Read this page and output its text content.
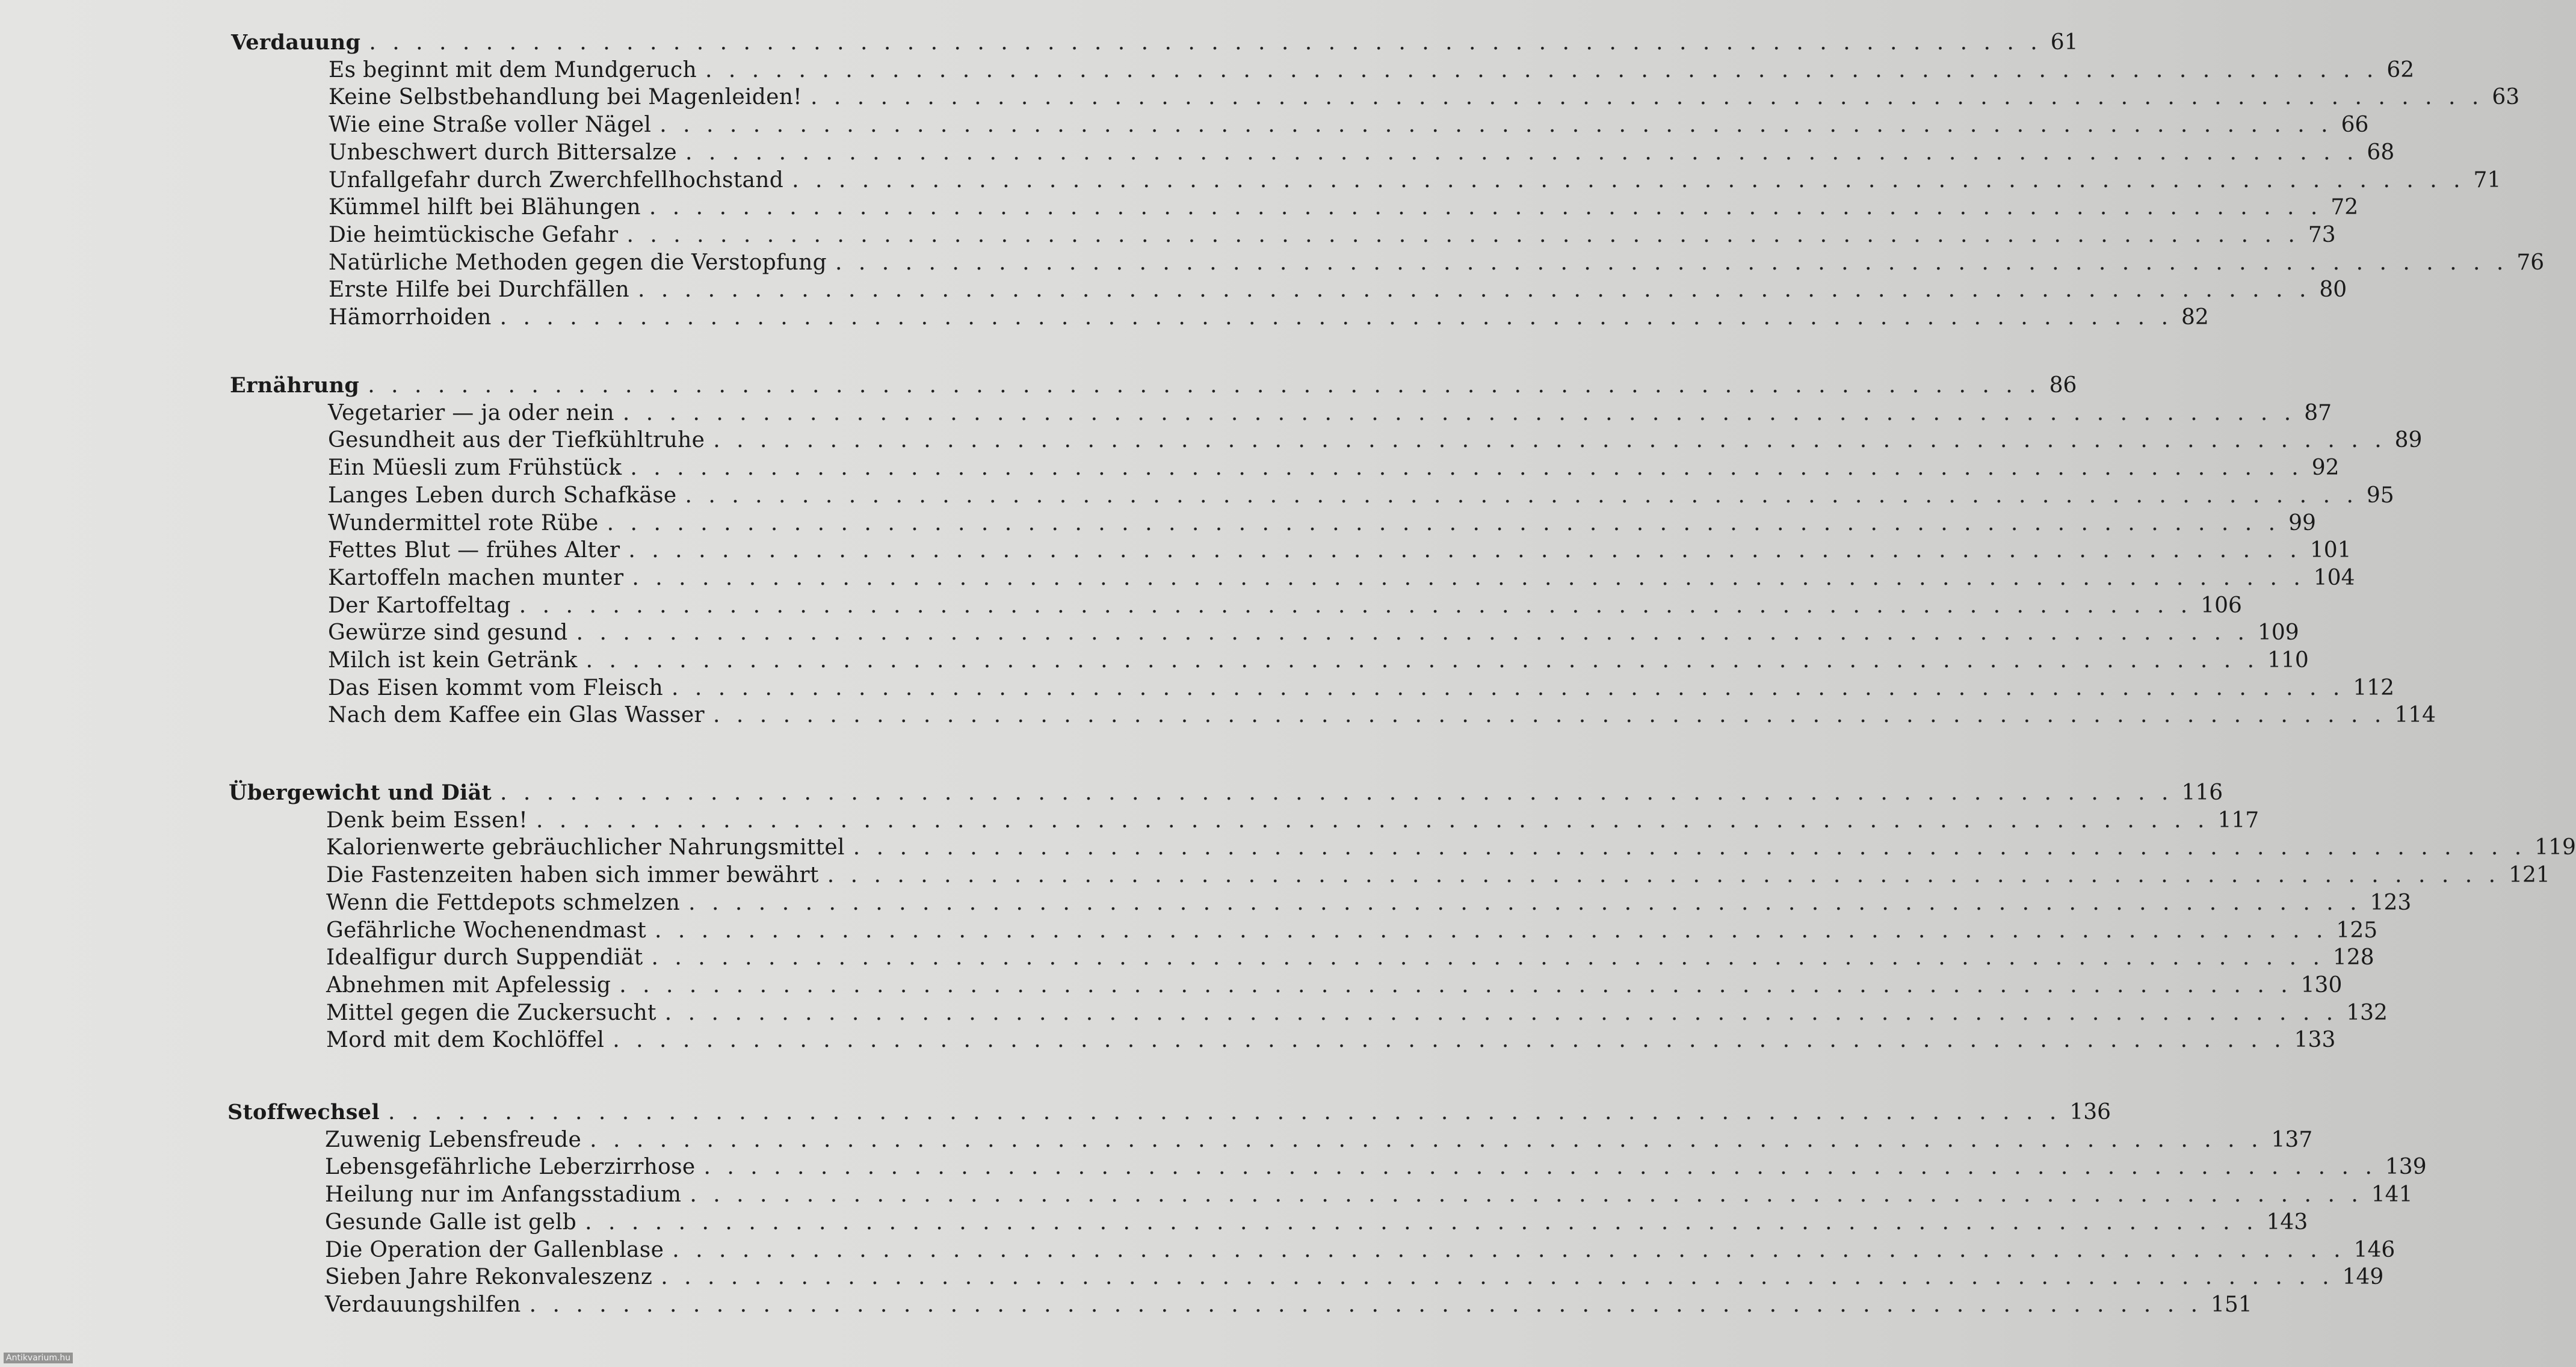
Verdauung . . . . . . . . . . . . . . . . . . . . . . . . . . . . . . . . . . . . . . . . . . . . . . . . . . . . . . . . . . . . . . . . . . . . . . . . 61
Es beginnt mit dem Mundgeruch . . . . . . . . . . . . . . . . . . . . . . . . . . . . . . . . . . . . . . . . . . . . . . . . . . . . . . . . . . . . . . . . . . . . . . . . 62
Keine Selbstbehandlung bei Magenleiden! . . . . . . . . . . . . . . . . . . . . . . . . . . . . . . . . . . . . . . . . . . . . . . . . . . . . . . . . . . . . . . . . . . . . . . . . 63
Wie eine Straße voller Nägel . . . . . . . . . . . . . . . . . . . . . . . . . . . . . . . . . . . . . . . . . . . . . . . . . . . . . . . . . . . . . . . . . . . . . . . . 66
Unbeschwert durch Bittersalze . . . . . . . . . . . . . . . . . . . . . . . . . . . . . . . . . . . . . . . . . . . . . . . . . . . . . . . . . . . . . . . . . . . . . . . . 68
Unfallgefahr durch Zwerchfellhochstand . . . . . . . . . . . . . . . . . . . . . . . . . . . . . . . . . . . . . . . . . . . . . . . . . . . . . . . . . . . . . . . . . . . . . . . . 71
Kümmel hilft bei Blähungen . . . . . . . . . . . . . . . . . . . . . . . . . . . . . . . . . . . . . . . . . . . . . . . . . . . . . . . . . . . . . . . . . . . . . . . . 72
Die heimtückische Gefahr . . . . . . . . . . . . . . . . . . . . . . . . . . . . . . . . . . . . . . . . . . . . . . . . . . . . . . . . . . . . . . . . . . . . . . . . 73
Natürliche Methoden gegen die Verstopfung . . . . . . . . . . . . . . . . . . . . . . . . . . . . . . . . . . . . . . . . . . . . . . . . . . . . . . . . . . . . . . . . . . . . . . . . 76
Erste Hilfe bei Durchfällen . . . . . . . . . . . . . . . . . . . . . . . . . . . . . . . . . . . . . . . . . . . . . . . . . . . . . . . . . . . . . . . . . . . . . . . . 80
Hämorrhoiden . . . . . . . . . . . . . . . . . . . . . . . . . . . . . . . . . . . . . . . . . . . . . . . . . . . . . . . . . . . . . . . . . . . . . . . . 82
Ernährung . . . . . . . . . . . . . . . . . . . . . . . . . . . . . . . . . . . . . . . . . . . . . . . . . . . . . . . . . . . . . . . . . . . . . . . . 86
Vegetarier — ja oder nein . . . . . . . . . . . . . . . . . . . . . . . . . . . . . . . . . . . . . . . . . . . . . . . . . . . . . . . . . . . . . . . . . . . . . . . . 87
Gesundheit aus der Tiefkühltruhe . . . . . . . . . . . . . . . . . . . . . . . . . . . . . . . . . . . . . . . . . . . . . . . . . . . . . . . . . . . . . . . . . . . . . . . . 89
Ein Müesli zum Frühstück . . . . . . . . . . . . . . . . . . . . . . . . . . . . . . . . . . . . . . . . . . . . . . . . . . . . . . . . . . . . . . . . . . . . . . . . 92
Langes Leben durch Schafkäse . . . . . . . . . . . . . . . . . . . . . . . . . . . . . . . . . . . . . . . . . . . . . . . . . . . . . . . . . . . . . . . . . . . . . . . . 95
Wundermittel rote Rübe . . . . . . . . . . . . . . . . . . . . . . . . . . . . . . . . . . . . . . . . . . . . . . . . . . . . . . . . . . . . . . . . . . . . . . . . 99
Fettes Blut — frühes Alter . . . . . . . . . . . . . . . . . . . . . . . . . . . . . . . . . . . . . . . . . . . . . . . . . . . . . . . . . . . . . . . . . . . . . . . . 101
Kartoffeln machen munter . . . . . . . . . . . . . . . . . . . . . . . . . . . . . . . . . . . . . . . . . . . . . . . . . . . . . . . . . . . . . . . . . . . . . . . . 104
Der Kartoffeltag . . . . . . . . . . . . . . . . . . . . . . . . . . . . . . . . . . . . . . . . . . . . . . . . . . . . . . . . . . . . . . . . . . . . . . . . 106
Gewürze sind gesund . . . . . . . . . . . . . . . . . . . . . . . . . . . . . . . . . . . . . . . . . . . . . . . . . . . . . . . . . . . . . . . . . . . . . . . . 109
Milch ist kein Getränk . . . . . . . . . . . . . . . . . . . . . . . . . . . . . . . . . . . . . . . . . . . . . . . . . . . . . . . . . . . . . . . . . . . . . . . . 110
Das Eisen kommt vom Fleisch . . . . . . . . . . . . . . . . . . . . . . . . . . . . . . . . . . . . . . . . . . . . . . . . . . . . . . . . . . . . . . . . . . . . . . . . 112
Nach dem Kaffee ein Glas Wasser . . . . . . . . . . . . . . . . . . . . . . . . . . . . . . . . . . . . . . . . . . . . . . . . . . . . . . . . . . . . . . . . . . . . . . . . 114
Übergewicht und Diät . . . . . . . . . . . . . . . . . . . . . . . . . . . . . . . . . . . . . . . . . . . . . . . . . . . . . . . . . . . . . . . . . . . . . . . . 116
Denk beim Essen! . . . . . . . . . . . . . . . . . . . . . . . . . . . . . . . . . . . . . . . . . . . . . . . . . . . . . . . . . . . . . . . . . . . . . . . . 117
Kalorienwerte gebräuchlicher Nahrungsmittel . . . . . . . . . . . . . . . . . . . . . . . . . . . . . . . . . . . . . . . . . . . . . . . . . . . . . . . . . . . . . . . . . . . . . . . . 119
Die Fastenzeiten haben sich immer bewährt . . . . . . . . . . . . . . . . . . . . . . . . . . . . . . . . . . . . . . . . . . . . . . . . . . . . . . . . . . . . . . . . . . . . . . . . 121
Wenn die Fettdepots schmelzen . . . . . . . . . . . . . . . . . . . . . . . . . . . . . . . . . . . . . . . . . . . . . . . . . . . . . . . . . . . . . . . . . . . . . . . . 123
Gefährliche Wochenendmast . . . . . . . . . . . . . . . . . . . . . . . . . . . . . . . . . . . . . . . . . . . . . . . . . . . . . . . . . . . . . . . . . . . . . . . . 125
Idealfigur durch Suppendiät . . . . . . . . . . . . . . . . . . . . . . . . . . . . . . . . . . . . . . . . . . . . . . . . . . . . . . . . . . . . . . . . . . . . . . . . 128
Abnehmen mit Apfelessig . . . . . . . . . . . . . . . . . . . . . . . . . . . . . . . . . . . . . . . . . . . . . . . . . . . . . . . . . . . . . . . . . . . . . . . . 130
Mittel gegen die Zuckersucht . . . . . . . . . . . . . . . . . . . . . . . . . . . . . . . . . . . . . . . . . . . . . . . . . . . . . . . . . . . . . . . . . . . . . . . . 132
Mord mit dem Kochlöffel . . . . . . . . . . . . . . . . . . . . . . . . . . . . . . . . . . . . . . . . . . . . . . . . . . . . . . . . . . . . . . . . . . . . . . . . 133
Stoffwechsel . . . . . . . . . . . . . . . . . . . . . . . . . . . . . . . . . . . . . . . . . . . . . . . . . . . . . . . . . . . . . . . . . . . . . . . . 136
Zuwenig Lebensfreude . . . . . . . . . . . . . . . . . . . . . . . . . . . . . . . . . . . . . . . . . . . . . . . . . . . . . . . . . . . . . . . . . . . . . . . . 137
Lebensgefährliche Leberzirrhose . . . . . . . . . . . . . . . . . . . . . . . . . . . . . . . . . . . . . . . . . . . . . . . . . . . . . . . . . . . . . . . . . . . . . . . . 139
Heilung nur im Anfangsstadium . . . . . . . . . . . . . . . . . . . . . . . . . . . . . . . . . . . . . . . . . . . . . . . . . . . . . . . . . . . . . . . . . . . . . . . . 141
Gesunde Galle ist gelb . . . . . . . . . . . . . . . . . . . . . . . . . . . . . . . . . . . . . . . . . . . . . . . . . . . . . . . . . . . . . . . . . . . . . . . . 143
Die Operation der Gallenblase . . . . . . . . . . . . . . . . . . . . . . . . . . . . . . . . . . . . . . . . . . . . . . . . . . . . . . . . . . . . . . . . . . . . . . . . 146
Sieben Jahre Rekonvaleszenz . . . . . . . . . . . . . . . . . . . . . . . . . . . . . . . . . . . . . . . . . . . . . . . . . . . . . . . . . . . . . . . . . . . . . . . . 149
Verdauungshilfen . . . . . . . . . . . . . . . . . . . . . . . . . . . . . . . . . . . . . . . . . . . . . . . . . . . . . . . . . . . . . . . . . . . . . . . . 151
Antikvarium.hu
